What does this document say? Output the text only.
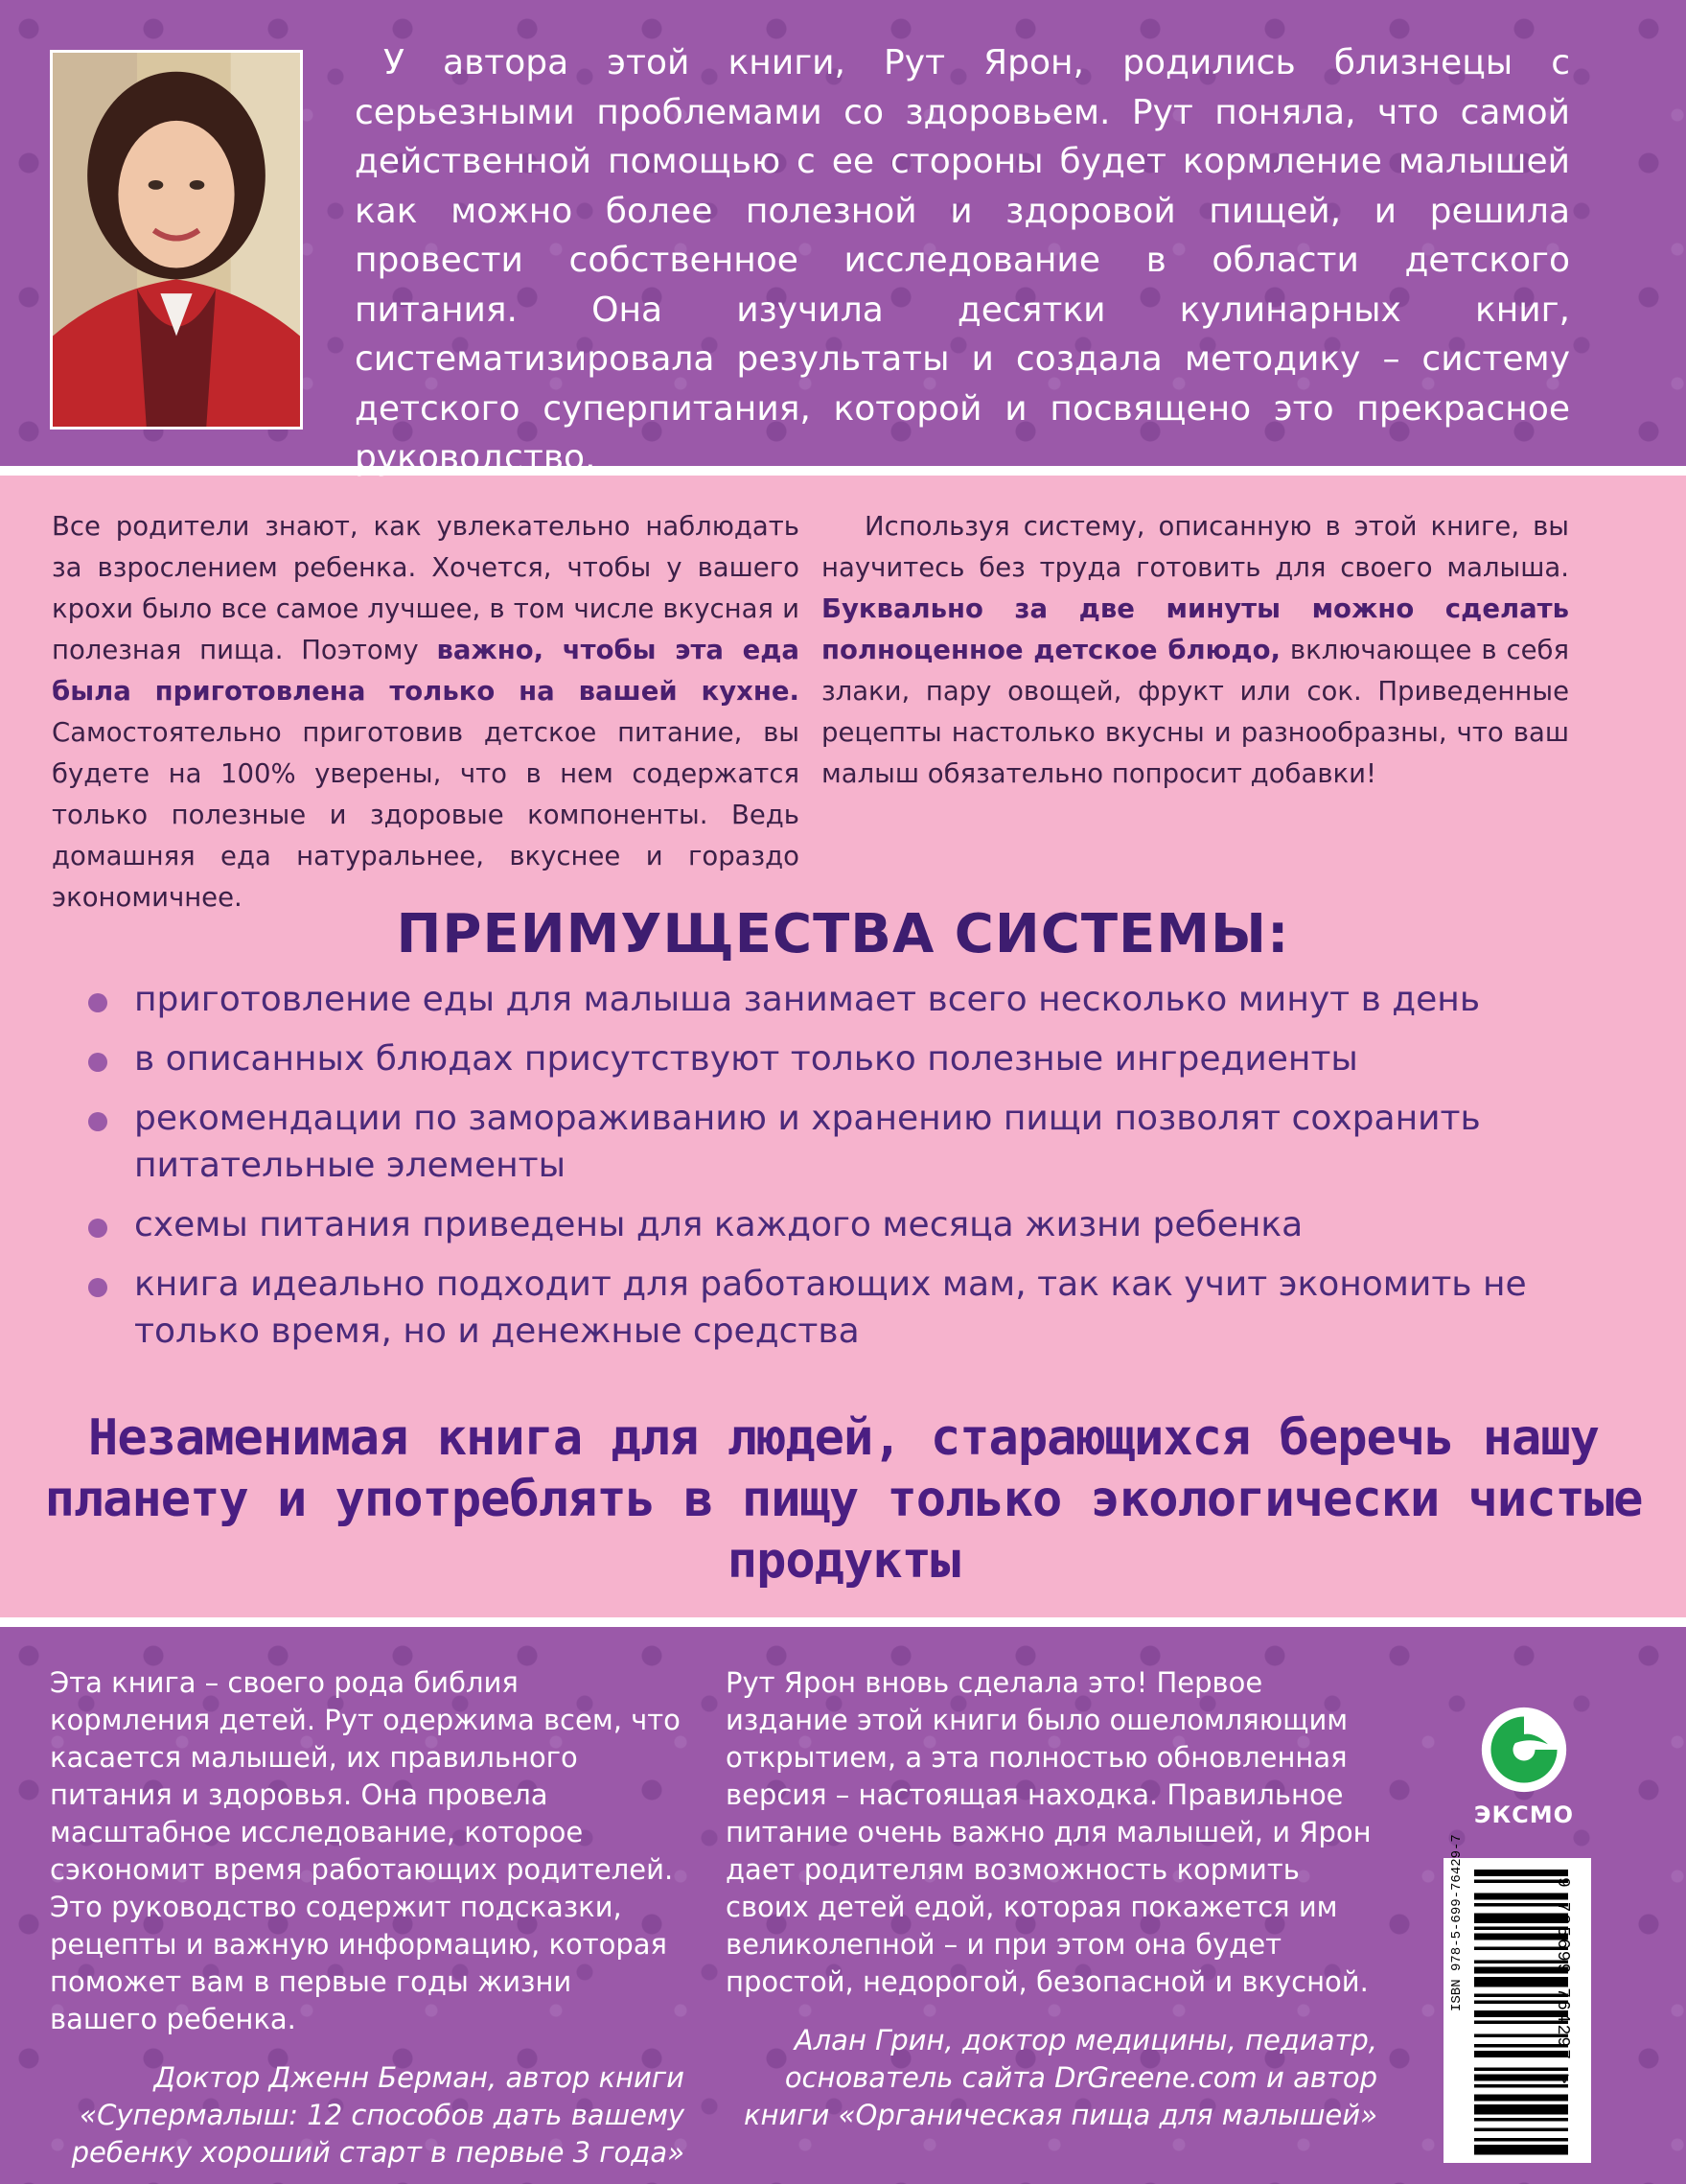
У автора этой книги, Рут Ярон, родились близнецы с серьезными проблемами со здоровьем. Рут поняла, что самой действенной помощью с ее стороны будет кормление малышей как можно более полезной и здоровой пищей, и решила провести собственное исследование в области детского питания. Она изучила десятки кулинарных книг, систематизировала результаты и создала методику – систему детского суперпитания, которой и посвящено это прекрасное руководство.

Все родители знают, как увлекательно наблюдать за взрослением ребенка. Хочется, чтобы у вашего крохи было все самое лучшее, в том числе вкусная и полезная пища. Поэтому важно, чтобы эта еда была приготовлена только на вашей кухне. Самостоятельно приготовив детское питание, вы будете на 100% уверены, что в нем содержатся только полезные и здоровые компоненты. Ведь домашняя еда натуральнее, вкуснее и гораздо экономичнее.

Используя систему, описанную в этой книге, вы научитесь без труда готовить для своего малыша. Буквально за две минуты можно сделать полноценное детское блюдо, включающее в себя злаки, пару овощей, фрукт или сок. Приведенные рецепты настолько вкусны и разнообразны, что ваш малыш обязательно попросит добавки!

ПРЕИМУЩЕСТВА СИСТЕМЫ:
приготовление еды для малыша занимает всего несколько минут в день
в описанных блюдах присутствуют только полезные ингредиенты
рекомендации по замораживанию и хранению пищи позволят сохранить питательные элементы
схемы питания приведены для каждого месяца жизни ребенка
книга идеально подходит для работающих мам, так как учит экономить не только время, но и денежные средства

Незаменимая книга для людей, старающихся беречь нашу планету и употреблять в пищу только экологически чистые продукты

Эта книга – своего рода библия кормления детей. Рут одержима всем, что касается малышей, их правильного питания и здоровья. Она провела масштабное исследование, которое сэкономит время работающих родителей. Это руководство содержит подсказки, рецепты и важную информацию, которая поможет вам в первые годы жизни вашего ребенка.

Доктор Дженн Берман, автор книги «Супермалыш: 12 способов дать вашему ребенку хороший старт в первые 3 года»

Рут Ярон вновь сделала это! Первое издание этой книги было ошеломляющим открытием, а эта полностью обновленная версия – настоящая находка. Правильное питание очень важно для малышей, и Ярон дает родителям возможность кормить своих детей едой, которая покажется им великолепной – и при этом она будет простой, недорогой, безопасной и вкусной.

Алан Грин, доктор медицины, педиатр, основатель сайта DrGreene.com и автор книги «Органическая пища для малышей»

ЭКСМО
ISBN 978-5-699-76429-7	9 785699 764297 >
